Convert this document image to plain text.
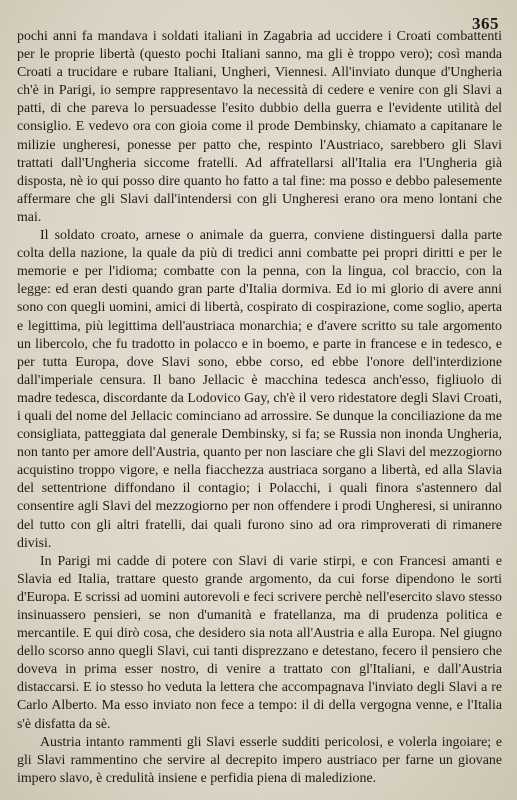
365

pochi anni fa mandava i soldati italiani in Zagabria ad uccidere i Croati combattenti per le proprie libertà (questo pochi Italiani sanno, ma gli è troppo vero); così manda Croati a trucidare e rubare Italiani, Ungheri, Viennesi. All'inviato dunque d'Ungheria ch'è in Parigi, io sempre rappresentavo la necessità di cedere e venire con gli Slavi a patti, di che pareva lo persuadesse l'esito dubbio della guerra e l'evidente utilità del consiglio. E vedevo ora con gioia come il prode Dembinsky, chiamato a capitanare le milizie ungheresi, ponesse per patto che, respinto l'Austriaco, sarebbero gli Slavi trattati dall'Ungheria siccome fratelli. Ad affratellarsi all'Italia era l'Ungheria già disposta, nè io qui posso dire quanto ho fatto a tal fine: ma posso e debbo palesemente affermare che gli Slavi dall'intendersi con gli Ungheresi erano ora meno lontani che mai.

Il soldato croato, arnese o animale da guerra, conviene distinguersi dalla parte colta della nazione, la quale da più di tredici anni combatte pei propri diritti e per le memorie e per l'idioma; combatte con la penna, con la lingua, col braccio, con la legge: ed eran desti quando gran parte d'Italia dormiva. Ed io mi glorio di avere anni sono con quegli uomini, amici di libertà, cospirato di cospirazione, come soglio, aperta e legittima, più legittima dell'austriaca monarchia; e d'avere scritto su tale argomento un libercolo, che fu tradotto in polacco e in boemo, e parte in francese e in tedesco, e per tutta Europa, dove Slavi sono, ebbe corso, ed ebbe l'onore dell'interdizione dall'imperiale censura. Il bano Jellacic è macchina tedesca anch'esso, figliuolo di madre tedesca, discordante da Lodovico Gay, ch'è il vero ridestatore degli Slavi Croati, i quali del nome del Jellacic cominciano ad arrossire. Se dunque la conciliazione da me consigliata, patteggiata dal generale Dembinsky, si fa; se Russia non inonda Ungheria, non tanto per amore dell'Austria, quanto per non lasciare che gli Slavi del mezzogiorno acquistino troppo vigore, e nella fiacchezza austriaca sorgano a libertà, ed alla Slavia del settentrione diffondano il contagio; i Polacchi, i quali finora s'astennero dal consentire agli Slavi del mezzogiorno per non offendere i prodi Ungheresi, si uniranno del tutto con gli altri fratelli, dai quali furono sino ad ora rimproverati di rimanere divisi.

In Parigi mi cadde di potere con Slavi di varie stirpi, e con Francesi amanti e Slavia ed Italia, trattare questo grande argomento, da cui forse dipendono le sorti d'Europa. E scrissi ad uomini autorevoli e feci scrivere perchè nell'esercito slavo stesso insinuassero pensieri, se non d'umanità e fratellanza, ma di prudenza politica e mercantile. E qui dirò cosa, che desidero sia nota all'Austria e alla Europa. Nel giugno dello scorso anno quegli Slavi, cui tanti disprezzano e detestano, fecero il pensiero che doveva in prima esser nostro, di venire a trattato con gl'Italiani, e dall'Austria distaccarsi. E io stesso ho veduta la lettera che accompagnava l'inviato degli Slavi a re Carlo Alberto. Ma esso inviato non fece a tempo: il di della vergogna venne, e l'Italia s'è disfatta da sè.

Austria intanto rammenti gli Slavi esserle sudditi pericolosi, e volerla ingoiare; e gli Slavi rammentino che servire al decrepito impero austriaco per farne un giovane impero slavo, è credulità insiene e perfidia piena di maledizione.
